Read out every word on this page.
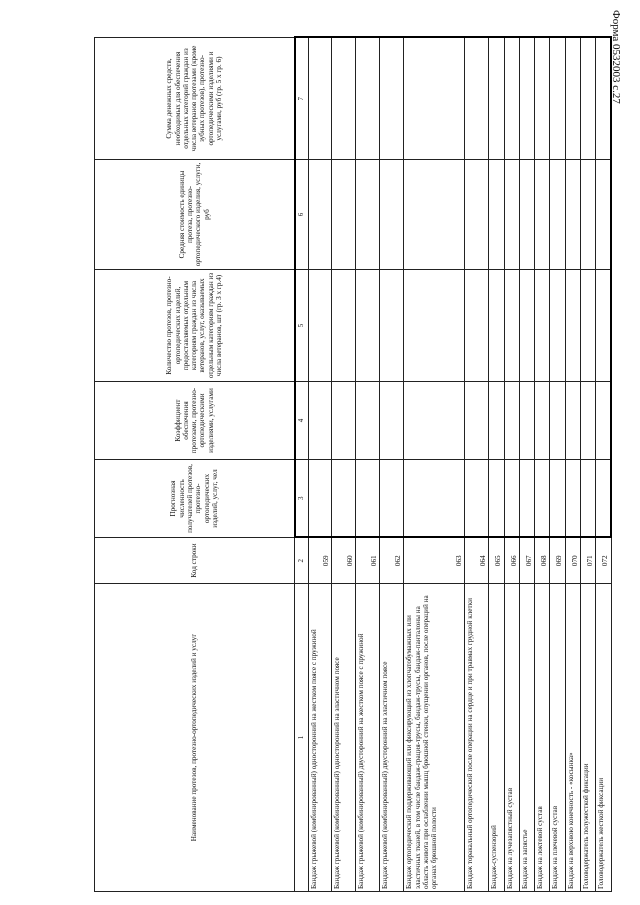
Форма 0532003 с.27
Наименование протезов, протезно-ортопедических изделий и услуг	Код строки	Прогнозная численность получателей протезов, протезно-ортопедических изделий, услуг, чел	Коэффициент обеспечения протезами, протезно-ортопедическими изделиями, услугами	Количество протезов, протезно-ортопедических изделий, предоставляемых отдельным категориям граждан из числа ветеранов, услуг, оказываемых отдельным категориям граждан из числа ветеранов, шт (гр. 3 х гр.4)	Средняя стоимость единицы протеза, протезно-ортопедического изделия, услуги, руб	Сумма денежных средств, необходимых для обеспечения отдельных категорий граждан из числа ветеранов протезами (кроме зубных протезов), протезно-ортопедическими изделиями и услугами, руб (гр. 5 х гр. 6)
1	2	3	4	5	6	7
Бандаж грыжевой (комбинированный) односторонний на жестком поясе с пружиной	059					
Бандаж грыжевой (комбинированный) односторонний на эластичном поясе	060					
Бандаж грыжевой (комбинированный) двусторонний на жестком поясе с пружиной	061					
Бандаж грыжевой (комбинированный) двусторонний на эластичном поясе	062					
Бандаж ортопедический поддерживающий или фиксирующий из хлопчатобумажных или эластичных тканей, в том числе бандаж-грация-трусы, бандаж-трусы, бандаж-панталоны на область живота при ослаблении мышц брюшной стенки, опущении органов, после операций на органах брюшной полости	063					
Бандаж торакальный ортопедический после операции на сердце и при травмах грудной клетки	064					
Бандаж-суспензорий	065					
Бандаж на лучезапястный сустав	066					
Бандаж на запястье	067					
Бандаж на локтевой сустав	068					
Бандаж на плечевой сустав	069					
Бандаж на верхнюю конечность - «косынка»	070					
Головодержатель полужесткой фиксации	071					
Головодержатель жесткой фиксации	072					
